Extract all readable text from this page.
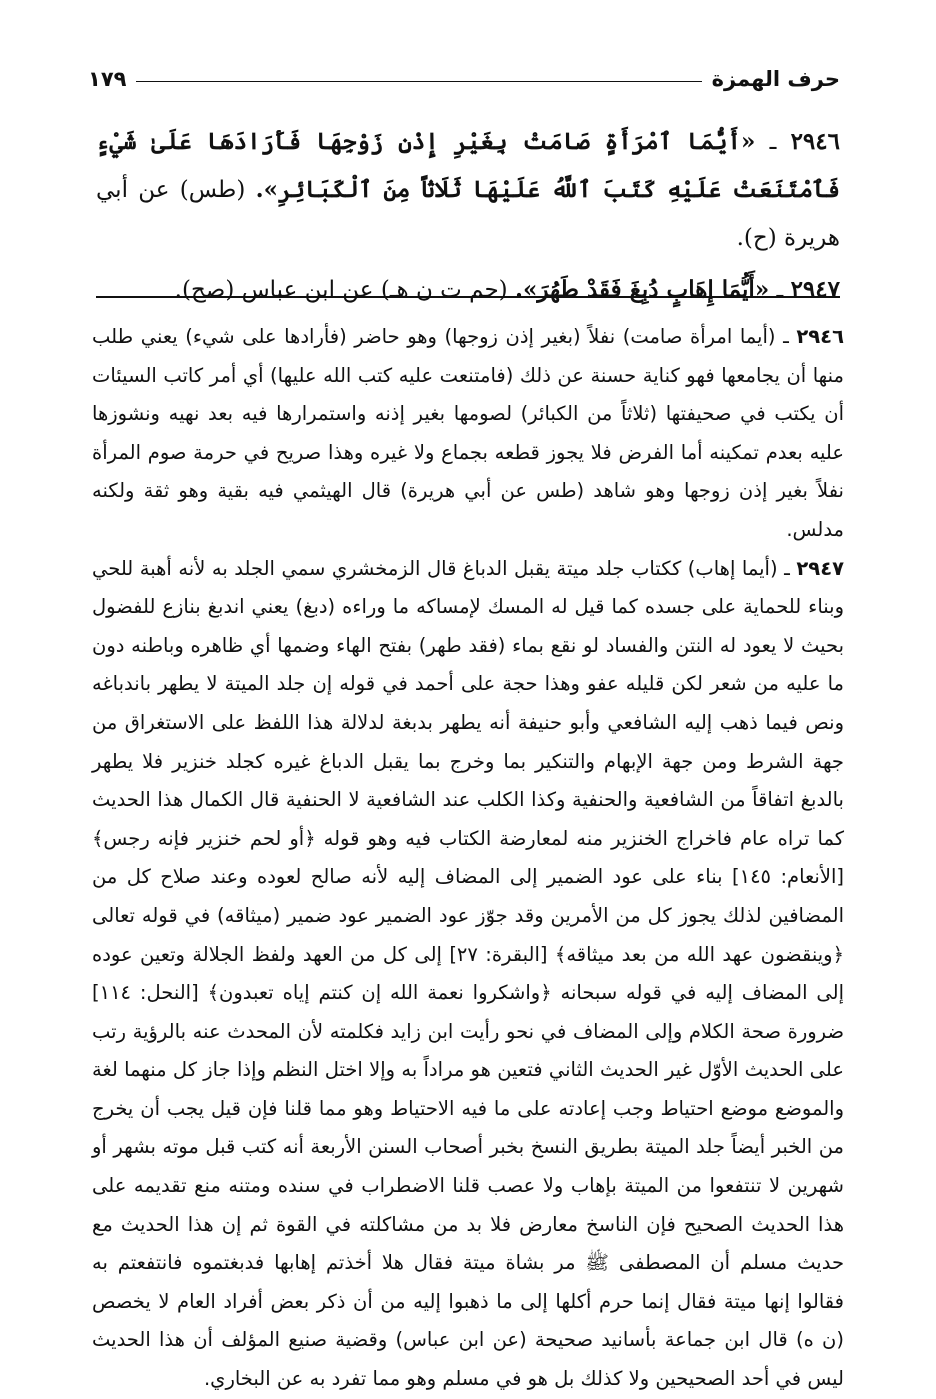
حرف الهمزة
١٧٩

٢٩٤٦ ـ «أَيُّمَا ٱمْرَأَةٍ صَامَتْ بِغَيْرِ إِذْنِ زَوْجِهَا فَأَرَادَهَا عَلَىٰ شَيْءٍ فَٱمْتَنَعَتْ عَلَيْهِ كَتَبَ ٱللَّهُ عَلَيْهَا ثَلَاثاً مِنَ ٱلْكَبَائِرِ». (طس) عن أبي هريرة (ح).

٢٩٤٧ ـ «أَيُّمَا إِهَابٍ دُبِغَ فَقَدْ طَهُرَ». (حم ت ن هـ) عن ابن عباس (صح).

٢٩٤٦ ـ (أيما امرأة صامت) نفلاً (بغير إذن زوجها) وهو حاضر (فأرادها على شيء) يعني طلب منها أن يجامعها فهو كناية حسنة عن ذلك (فامتنعت عليه كتب الله عليها) أي أمر كاتب السيئات أن يكتب في صحيفتها (ثلاثاً من الكبائر) لصومها بغير إذنه واستمرارها فيه بعد نهيه ونشوزها عليه بعدم تمكينه أما الفرض فلا يجوز قطعه بجماع ولا غيره وهذا صريح في حرمة صوم المرأة نفلاً بغير إذن زوجها وهو شاهد (طس عن أبي هريرة) قال الهيثمي فيه بقية وهو ثقة ولكنه مدلس.

٢٩٤٧ ـ (أيما إهاب) ككتاب جلد ميتة يقبل الدباغ قال الزمخشري سمي الجلد به لأنه أهبة للحي وبناء للحماية على جسده كما قيل له المسك لإمساكه ما وراءه (دبغ) يعني اندبغ بنازع للفضول بحيث لا يعود له النتن والفساد لو نقع بماء (فقد طهر) بفتح الهاء وضمها أي ظاهره وباطنه دون ما عليه من شعر لكن قليله عفو وهذا حجة على أحمد في قوله إن جلد الميتة لا يطهر باندباغه ونص فيما ذهب إليه الشافعي وأبو حنيفة أنه يطهر بدبغة لدلالة هذا اللفظ على الاستغراق من جهة الشرط ومن جهة الإبهام والتنكير بما وخرج بما يقبل الدباغ غيره كجلد خنزير فلا يطهر بالدبغ اتفاقاً من الشافعية والحنفية وكذا الكلب عند الشافعية لا الحنفية قال الكمال هذا الحديث كما تراه عام فاخراج الخنزير منه لمعارضة الكتاب فيه وهو قوله ﴿أو لحم خنزير فإنه رجس﴾ [الأنعام: ١٤٥] بناء على عود الضمير إلى المضاف إليه لأنه صالح لعوده وعند صلاح كل من المضافين لذلك يجوز كل من الأمرين وقد جوّز عود الضمير عود ضمير (ميثاقه) في قوله تعالى ﴿وينقضون عهد الله من بعد ميثاقه﴾ [البقرة: ٢٧] إلى كل من العهد ولفظ الجلالة وتعين عوده إلى المضاف إليه في قوله سبحانه ﴿واشكروا نعمة الله إن كنتم إياه تعبدون﴾ [النحل: ١١٤] ضرورة صحة الكلام وإلى المضاف في نحو رأيت ابن زايد فكلمته لأن المحدث عنه بالرؤية رتب على الحديث الأوّل غير الحديث الثاني فتعين هو مراداً به وإلا اختل النظم وإذا جاز كل منهما لغة والموضع موضع احتياط وجب إعادته على ما فيه الاحتياط وهو مما قلنا فإن قيل يجب أن يخرج من الخبر أيضاً جلد الميتة بطريق النسخ بخبر أصحاب السنن الأربعة أنه كتب قبل موته بشهر أو شهرين لا تنتفعوا من الميتة بإهاب ولا عصب قلنا الاضطراب في سنده ومتنه منع تقديمه على هذا الحديث الصحيح فإن الناسخ معارض فلا بد من مشاكلته في القوة ثم إن هذا الحديث مع حديث مسلم أن المصطفى ﷺ مر بشاة ميتة فقال هلا أخذتم إهابها فدبغتموه فانتفعتم به فقالوا إنها ميتة فقال إنما حرم أكلها إلى ما ذهبوا إليه من أن ذكر بعض أفراد العام لا يخصص (ن ه) قال ابن جماعة بأسانيد صحيحة (عن ابن عباس) وقضية صنيع المؤلف أن هذا الحديث ليس في أحد الصحيحين ولا كذلك بل هو في مسلم وهو مما تفرد به عن البخاري.
